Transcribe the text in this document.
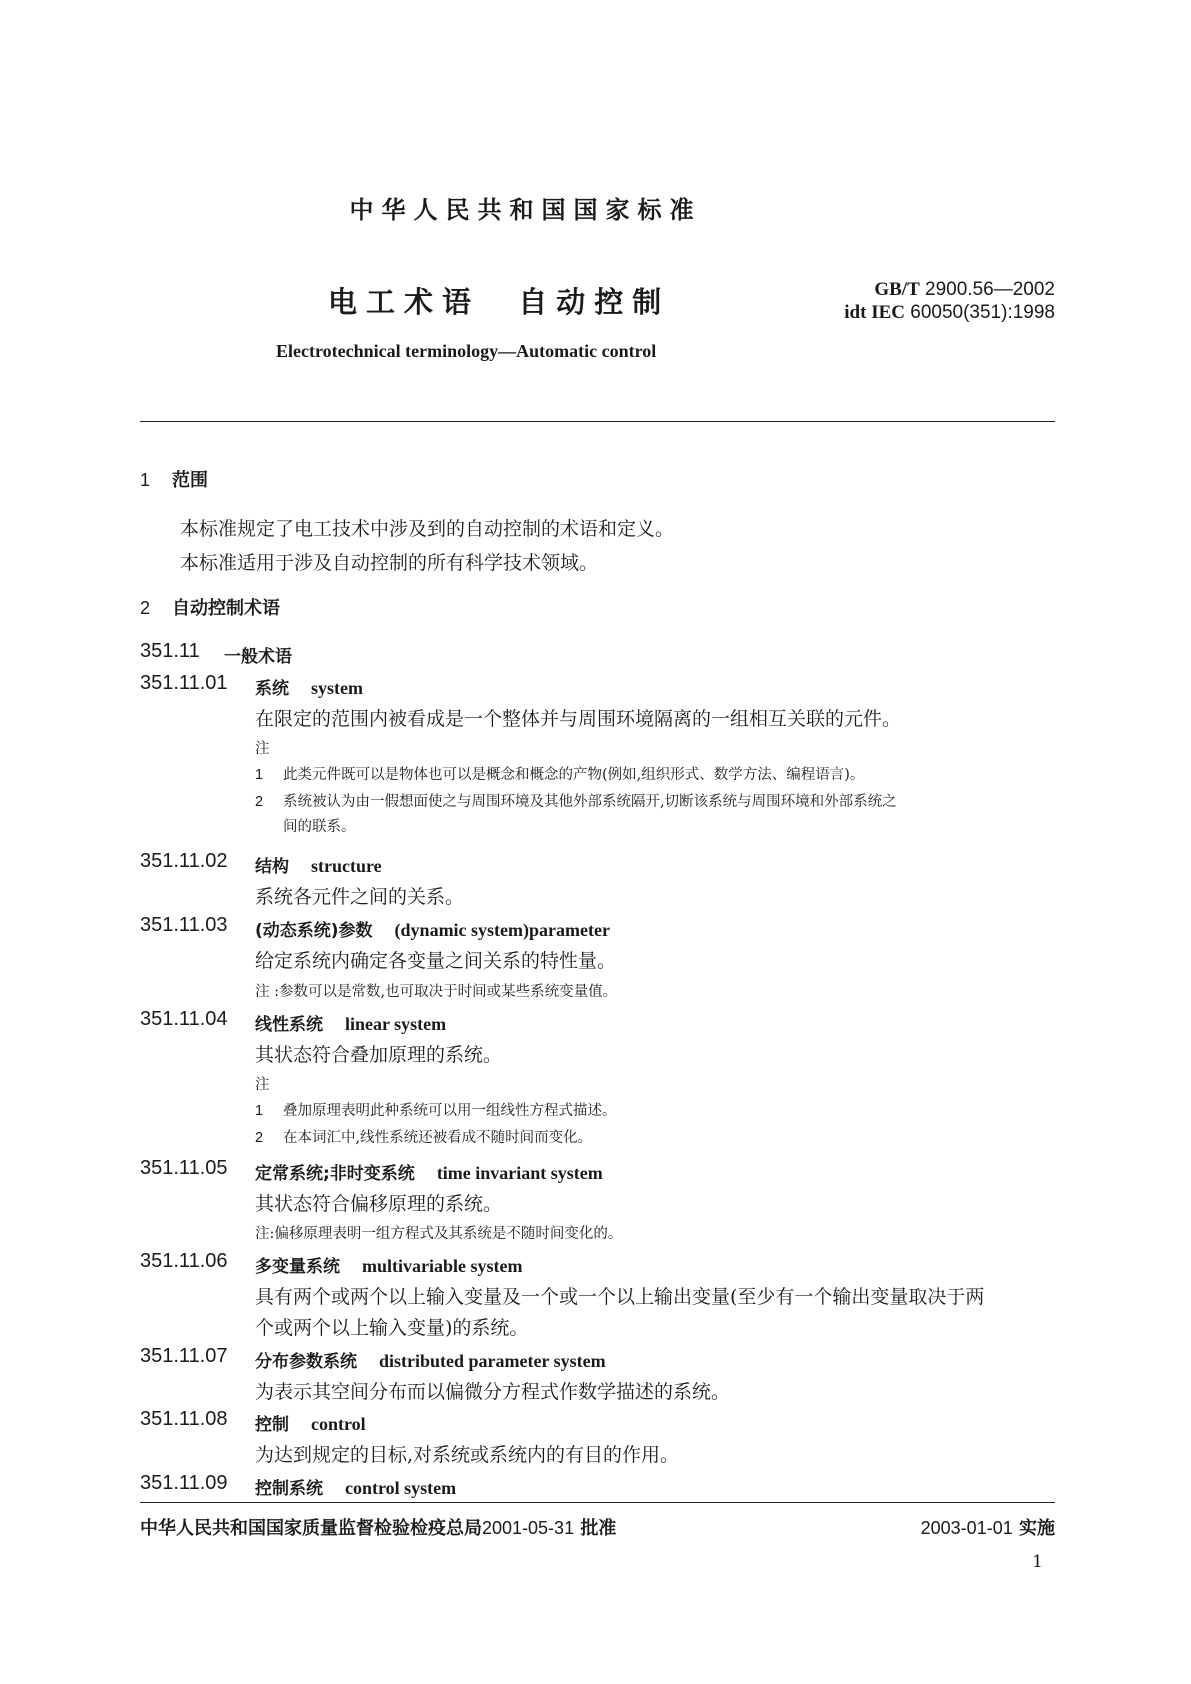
中华人民共和国国家标准
电工术语  自动控制	GB/T 2900.56—2002
idt IEC 60050(351):1998
Electrotechnical terminology—Automatic control
1 范围
本标准规定了电工技术中涉及到的自动控制的术语和定义。
本标准适用于涉及自动控制的所有科学技术领域。
2 自动控制术语
351.11 一般术语
351.11.01 系统 system
在限定的范围内被看成是一个整体并与周围环境隔离的一组相互关联的元件。
注
1 此类元件既可以是物体也可以是概念和概念的产物(例如,组织形式、数学方法、编程语言)。
2 系统被认为由一假想面使之与周围环境及其他外部系统隔开,切断该系统与周围环境和外部系统之
间的联系。
351.11.02 结构 structure
系统各元件之间的关系。
351.11.03 (动态系统)参数 (dynamic system)parameter
给定系统内确定各变量之间关系的特性量。
注 :参数可以是常数,也可取决于时间或某些系统变量值。
351.11.04 线性系统 linear system
其状态符合叠加原理的系统。
注
1 叠加原理表明此种系统可以用一组线性方程式描述。
2 在本词汇中,线性系统还被看成不随时间而变化。
351.11.05 定常系统;非时变系统 time invariant system
其状态符合偏移原理的系统。
注:偏移原理表明一组方程式及其系统是不随时间变化的。
351.11.06 多变量系统 multivariable system
具有两个或两个以上输入变量及一个或一个以上输出变量(至少有一个输出变量取决于两
个或两个以上输入变量)的系统。
351.11.07 分布参数系统 distributed parameter system
为表示其空间分布而以偏微分方程式作数学描述的系统。
351.11.08 控制 control
为达到规定的目标,对系统或系统内的有目的作用。
351.11.09 控制系统 control system
中华人民共和国国家质量监督检验检疫总局2001-05-31 批准	2003-01-01 实施
1
